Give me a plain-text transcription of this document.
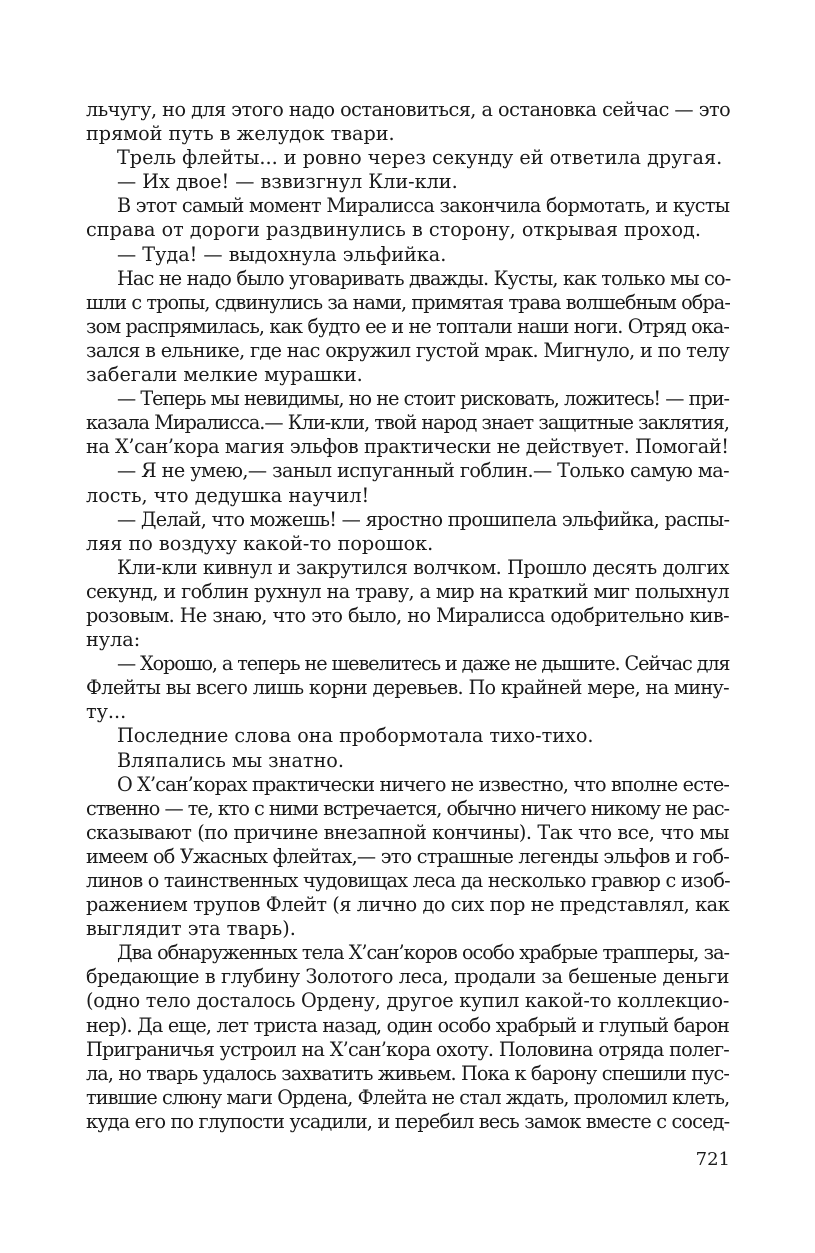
льчугу, но для этого надо остановиться, а остановка сейчас — это
прямой путь в желудок твари.
Трель флейты... и ровно через секунду ей ответила другая.
— Их двое! — взвизгнул Кли-кли.
В этот самый момент Миралисса закончила бормотать, и кусты
справа от дороги раздвинулись в сторону, открывая проход.
— Туда! — выдохнула эльфийка.
Нас не надо было уговаривать дважды. Кусты, как только мы со-
шли с тропы, сдвинулись за нами, примятая трава волшебным обра-
зом распрямилась, как будто ее и не топтали наши ноги. Отряд ока-
зался в ельнике, где нас окружил густой мрак. Мигнуло, и по телу
забегали мелкие мурашки.
— Теперь мы невидимы, но не стоит рисковать, ложитесь! — при-
казала Миралисса.— Кли-кли, твой народ знает защитные заклятия,
на Х’сан’кора магия эльфов практически не действует. Помогай!
— Я не умею,— заныл испуганный гоблин.— Только самую ма-
лость, что дедушка научил!
— Делай, что можешь! — яростно прошипела эльфийка, распы-
ляя по воздуху какой-то порошок.
Кли-кли кивнул и закрутился волчком. Прошло десять долгих
секунд, и гоблин рухнул на траву, а мир на краткий миг полыхнул
розовым. Не знаю, что это было, но Миралисса одобрительно кив-
нула:
— Хорошо, а теперь не шевелитесь и даже не дышите. Сейчас для
Флейты вы всего лишь корни деревьев. По крайней мере, на мину-
ту...
Последние слова она пробормотала тихо-тихо.
Вляпались мы знатно.
О Х’сан’корах практически ничего не известно, что вполне есте-
ственно — те, кто с ними встречается, обычно ничего никому не рас-
сказывают (по причине внезапной кончины). Так что все, что мы
имеем об Ужасных флейтах,— это страшные легенды эльфов и гоб-
линов о таинственных чудовищах леса да несколько гравюр с изоб-
ражением трупов Флейт (я лично до сих пор не представлял, как
выглядит эта тварь).
Два обнаруженных тела Х’сан’коров особо храбрые трапперы, за-
бредающие в глубину Золотого леса, продали за бешеные деньги
(одно тело досталось Ордену, другое купил какой-то коллекцио-
нер). Да еще, лет триста назад, один особо храбрый и глупый барон
Приграничья устроил на Х’сан’кора охоту. Половина отряда полег-
ла, но тварь удалось захватить живьем. Пока к барону спешили пус-
тившие слюну маги Ордена, Флейта не стал ждать, проломил клеть,
куда его по глупости усадили, и перебил весь замок вместе с сосед-
721
